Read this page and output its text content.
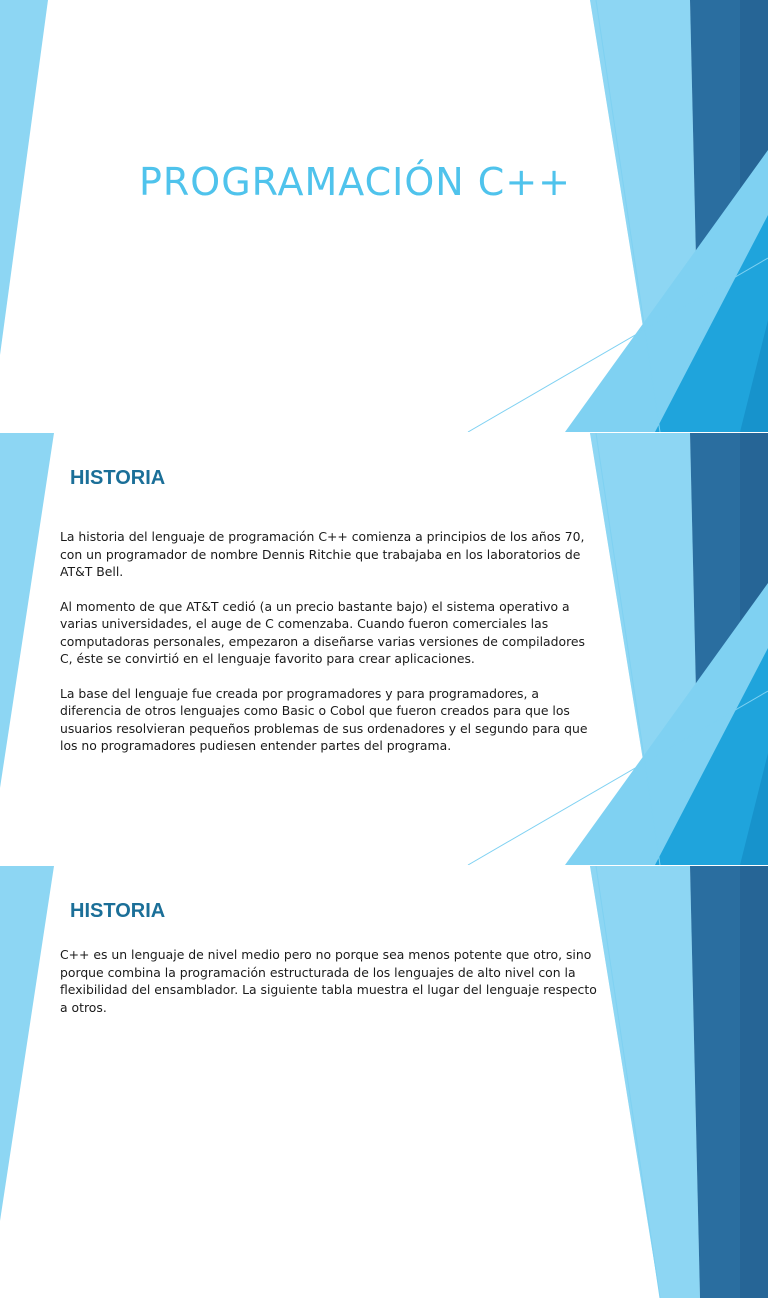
PROGRAMACIÓN C++
HISTORIA

La historia del lenguaje de programación C++ comienza a principios de los años 70, con un programador de nombre Dennis Ritchie que trabajaba en los laboratorios de AT&T Bell.

Al momento de que AT&T cedió (a un precio bastante bajo) el sistema operativo a varias universidades, el auge de C comenzaba. Cuando fueron comerciales las computadoras personales, empezaron a diseñarse varias versiones de compiladores C, éste se convirtió en el lenguaje favorito para crear aplicaciones.

La base del lenguaje fue creada por programadores y para programadores, a diferencia de otros lenguajes como Basic o Cobol que fueron creados para que los usuarios resolvieran pequeños problemas de sus ordenadores y el segundo para que los no programadores pudiesen entender partes del programa.

HISTORIA

C++ es un lenguaje de nivel medio pero no porque sea menos potente que otro, sino porque combina la programación estructurada de los lenguajes de alto nivel con la flexibilidad del ensamblador. La siguiente tabla muestra el lugar del lenguaje respecto a otros.
